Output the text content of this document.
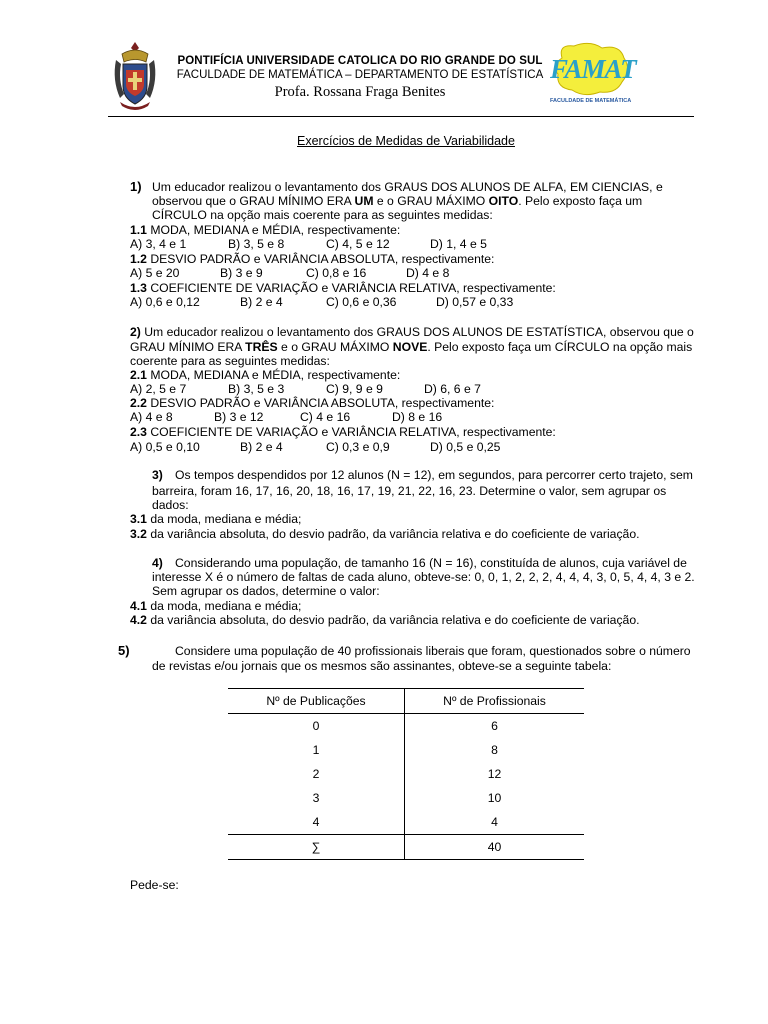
PONTIFÍCIA UNIVERSIDADE CATOLICA DO RIO GRANDE DO SUL
FACULDADE DE MATEMÁTICA – DEPARTAMENTO DE ESTATÍSTICA
Profa. Rossana Fraga Benites
FAMAT
FACULDADE DE MATEMÁTICA
Exercícios de Medidas de Variabilidade
1) Um educador realizou o levantamento dos GRAUS DOS ALUNOS DE ALFA, EM CIENCIAS, e
observou que o GRAU MÍNIMO ERA UM e o GRAU MÁXIMO OITO. Pelo exposto faça um
CÍRCULO na opção mais coerente para as seguintes medidas:
1.1 MODA, MEDIANA e MÉDIA, respectivamente:
A) 3, 4 e 1	B) 3, 5 e 8	C) 4, 5 e 12	D) 1, 4 e 5
1.2 DESVIO PADRÃO e VARIÂNCIA ABSOLUTA, respectivamente:
A) 5 e 20	B) 3 e 9	C) 0,8 e 16	D) 4 e 8
1.3 COEFICIENTE DE VARIAÇÃO e VARIÂNCIA RELATIVA, respectivamente:
A) 0,6 e 0,12	B) 2 e 4	C) 0,6 e 0,36	D) 0,57 e 0,33
2) Um educador realizou o levantamento dos GRAUS DOS ALUNOS DE ESTATÍSTICA, observou que o
GRAU MÍNIMO ERA TRÊS e o GRAU MÁXIMO NOVE. Pelo exposto faça um CÍRCULO na opção mais
coerente para as seguintes medidas:
2.1 MODA, MEDIANA e MÉDIA, respectivamente:
A) 2, 5 e 7	B) 3, 5 e 3	C) 9, 9 e 9	D) 6, 6 e 7
2.2 DESVIO PADRÃO e VARIÂNCIA ABSOLUTA, respectivamente:
A) 4 e 8	B) 3 e 12	C) 4 e 16	D) 8 e 16
2.3 COEFICIENTE DE VARIAÇÃO e VARIÂNCIA RELATIVA, respectivamente:
A) 0,5 e 0,10	B) 2 e 4	C) 0,3 e 0,9	D) 0,5 e 0,25
3) Os tempos despendidos por 12 alunos (N = 12), em segundos, para percorrer certo trajeto, sem
barreira, foram 16, 17, 16, 20, 18, 16, 17, 19, 21, 22, 16, 23. Determine o valor, sem agrupar os
dados:
3.1 da moda, mediana e média;
3.2 da variância absoluta, do desvio padrão, da variância relativa e do coeficiente de variação.
4) Considerando uma população, de tamanho 16 (N = 16), constituída de alunos, cuja variável de
interesse X é o número de faltas de cada aluno, obteve-se: 0, 0, 1, 2, 2, 2, 4, 4, 4, 3, 0, 5, 4, 4, 3 e 2.
Sem agrupar os dados, determine o valor:
4.1 da moda, mediana e média;
4.2 da variância absoluta, do desvio padrão, da variância relativa e do coeficiente de variação.
5)	Considere uma população de 40 profissionais liberais que foram, questionados sobre o número
de revistas e/ou jornais que os mesmos são assinantes, obteve-se a seguinte tabela:
Nº de Publicações	Nº de Profissionais
0	6
1	8
2	12
3	10
4	4
∑	40
Pede-se:
